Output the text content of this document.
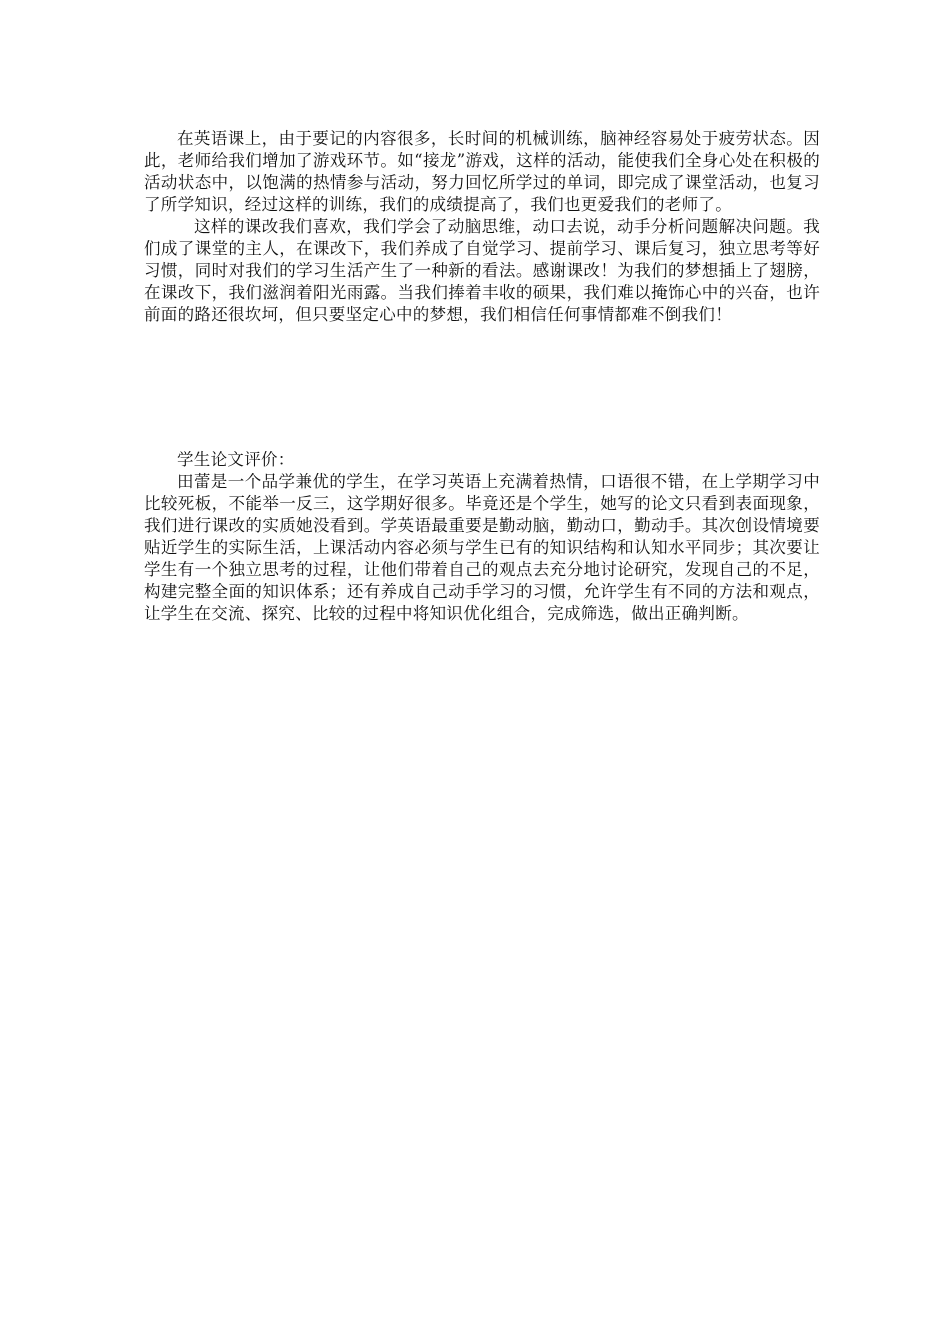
在英语课上，由于要记的内容很多，长时间的机械训练，脑神经容易处于疲劳状态。因此，老师给我们增加了游戏环节。如“接龙”游戏，这样的活动，能使我们全身心处在积极的活动状态中，以饱满的热情参与活动，努力回忆所学过的单词，即完成了课堂活动，也复习了所学知识，经过这样的训练，我们的成绩提高了，我们也更爱我们的老师了。

这样的课改我们喜欢，我们学会了动脑思维，动口去说，动手分析问题解决问题。我们成了课堂的主人，在课改下，我们养成了自觉学习、提前学习、课后复习，独立思考等好习惯，同时对我们的学习生活产生了一种新的看法。感谢课改！为我们的梦想插上了翅膀，在课改下，我们滋润着阳光雨露。当我们捧着丰收的硕果，我们难以掩饰心中的兴奋，也许前面的路还很坎坷，但只要坚定心中的梦想，我们相信任何事情都难不倒我们！

学生论文评价：

田蕾是一个品学兼优的学生，在学习英语上充满着热情，口语很不错，在上学期学习中比较死板，不能举一反三，这学期好很多。毕竟还是个学生，她写的论文只看到表面现象，我们进行课改的实质她没看到。学英语最重要是勤动脑，勤动口，勤动手。其次创设情境要贴近学生的实际生活，上课活动内容必须与学生已有的知识结构和认知水平同步；其次要让学生有一个独立思考的过程，让他们带着自己的观点去充分地讨论研究，发现自己的不足，构建完整全面的知识体系；还有养成自己动手学习的习惯，允许学生有不同的方法和观点，让学生在交流、探究、比较的过程中将知识优化组合，完成筛选，做出正确判断。
